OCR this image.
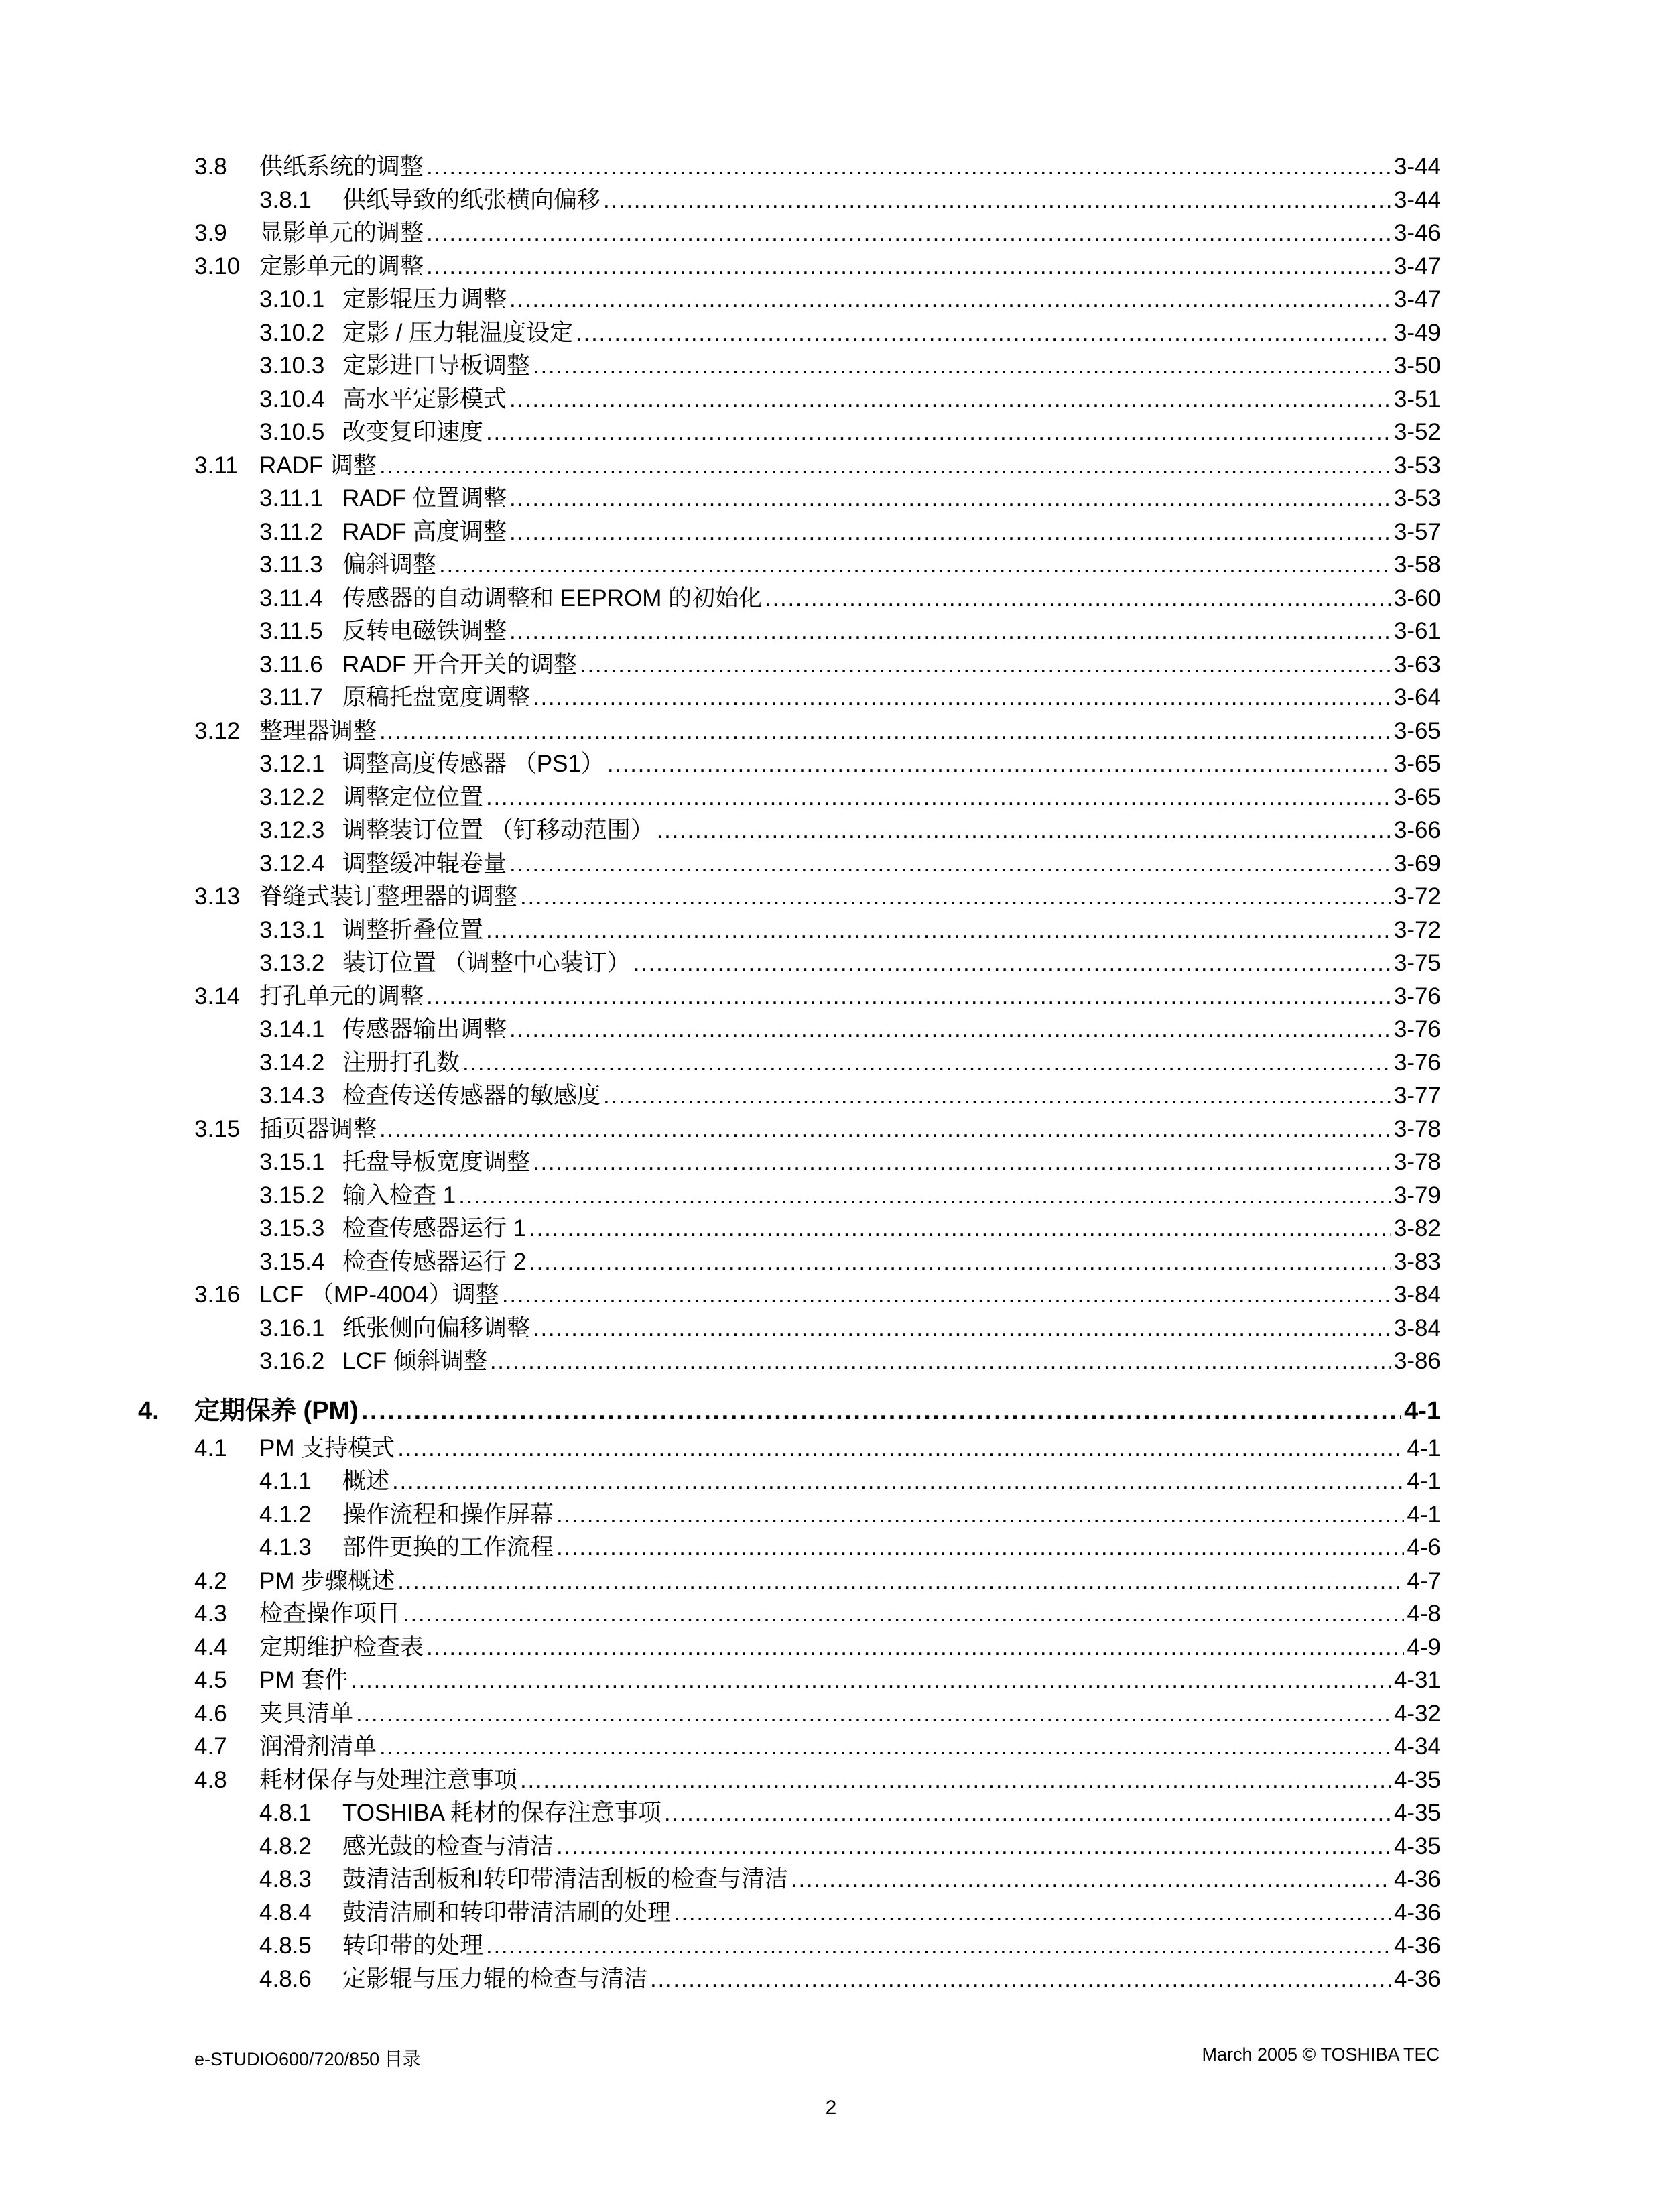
3.8	供纸系统的调整 . . .	3-44
3.8.1	供纸导致的纸张横向偏移 . . .	3-44
3.9	显影单元的调整 . . .	3-46
3.10 定影单元的调整 . . .	3-47
3.10.1 定影辊压力调整 . . .	3-47
3.10.2 定影 / 压力辊温度设定 . . .	3-49
3.10.3 定影进口导板调整 . . .	3-50
3.10.4 高水平定影模式 . . .	3-51
3.10.5 改变复印速度 . . .	3-52
3.11 RADF 调整 . . .	3-53
3.11.1 RADF 位置调整 . . .	3-53
3.11.2 RADF 高度调整 . . .	3-57
3.11.3 偏斜调整 . . .	3-58
3.11.4 传感器的自动调整和 EEPROM 的初始化 . . .	3-60
3.11.5 反转电磁铁调整 . . .	3-61
3.11.6 RADF 开合开关的调整 . . .	3-63
3.11.7 原稿托盘宽度调整 . . .	3-64
3.12 整理器调整 . . .	3-65
3.12.1 调整高度传感器 （PS1） . . .	3-65
3.12.2 调整定位位置 . . .	3-65
3.12.3 调整装订位置 （钉移动范围） . . .	3-66
3.12.4 调整缓冲辊卷量 . . .	3-69
3.13 脊缝式装订整理器的调整 . . .	3-72
3.13.1 调整折叠位置 . . .	3-72
3.13.2 装订位置 （调整中心装订） . . .	3-75
3.14 打孔单元的调整 . . .	3-76
3.14.1 传感器输出调整 . . .	3-76
3.14.2 注册打孔数 . . .	3-76
3.14.3 检查传送传感器的敏感度 . . .	3-77
3.15 插页器调整 . . .	3-78
3.15.1 托盘导板宽度调整 . . .	3-78
3.15.2 输入检查 1 . . .	3-79
3.15.3 检查传感器运行 1 . . .	3-82
3.15.4 检查传感器运行 2 . . .	3-83
3.16 LCF （MP-4004）调整 . . .	3-84
3.16.1 纸张侧向偏移调整 . . .	3-84
3.16.2 LCF 倾斜调整 . . .	3-86
4.	定期保养 (PM) . . .	4-1
4.1	PM 支持模式 . . .	4-1
4.1.1	概述 . . .	4-1
4.1.2	操作流程和操作屏幕 . . .	4-1
4.1.3	部件更换的工作流程 . . .	4-6
4.2	PM 步骤概述 . . .	4-7
4.3	检查操作项目 . . .	4-8
4.4	定期维护检查表 . . .	4-9
4.5	PM 套件 . . .	4-31
4.6	夹具清单 . . .	4-32
4.7	润滑剂清单 . . .	4-34
4.8	耗材保存与处理注意事项 . . .	4-35
4.8.1	TOSHIBA 耗材的保存注意事项 . . .	4-35
4.8.2	感光鼓的检查与清洁 . . .	4-35
4.8.3	鼓清洁刮板和转印带清洁刮板的检查与清洁 . . .	4-36
4.8.4	鼓清洁刷和转印带清洁刷的处理 . . .	4-36
4.8.5	转印带的处理 . . .	4-36
4.8.6	定影辊与压力辊的检查与清洁 . . .	4-36
e-STUDIO600/720/850 目录	March 2005 © TOSHIBA TEC
2
